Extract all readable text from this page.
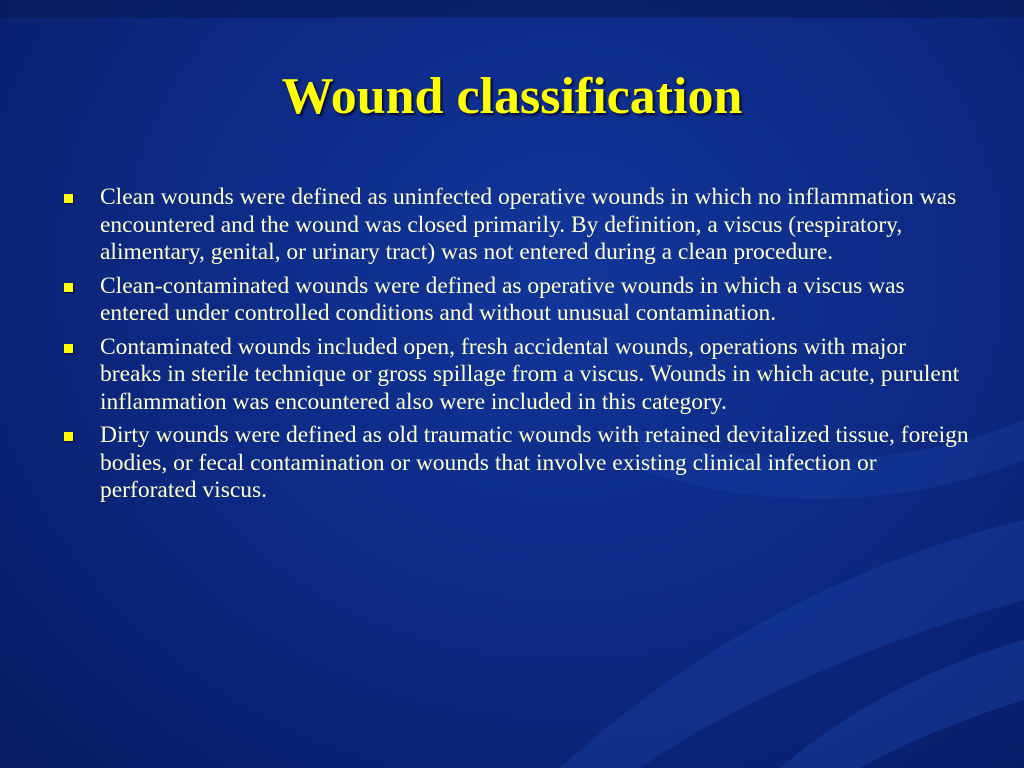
Wound classification
Clean wounds were defined as uninfected operative wounds in which no inflammation was encountered and the wound was closed primarily. By definition, a viscus (respiratory, alimentary, genital, or urinary tract) was not entered during a clean procedure.
Clean-contaminated wounds were defined as operative wounds in which a viscus was entered under controlled conditions and without unusual contamination.
Contaminated wounds included open, fresh accidental wounds, operations with major breaks in sterile technique or gross spillage from a viscus. Wounds in which acute, purulent inflammation was encountered also were included in this category.
Dirty wounds were defined as old traumatic wounds with retained devitalized tissue, foreign bodies, or fecal contamination or wounds that involve existing clinical infection or perforated viscus.
